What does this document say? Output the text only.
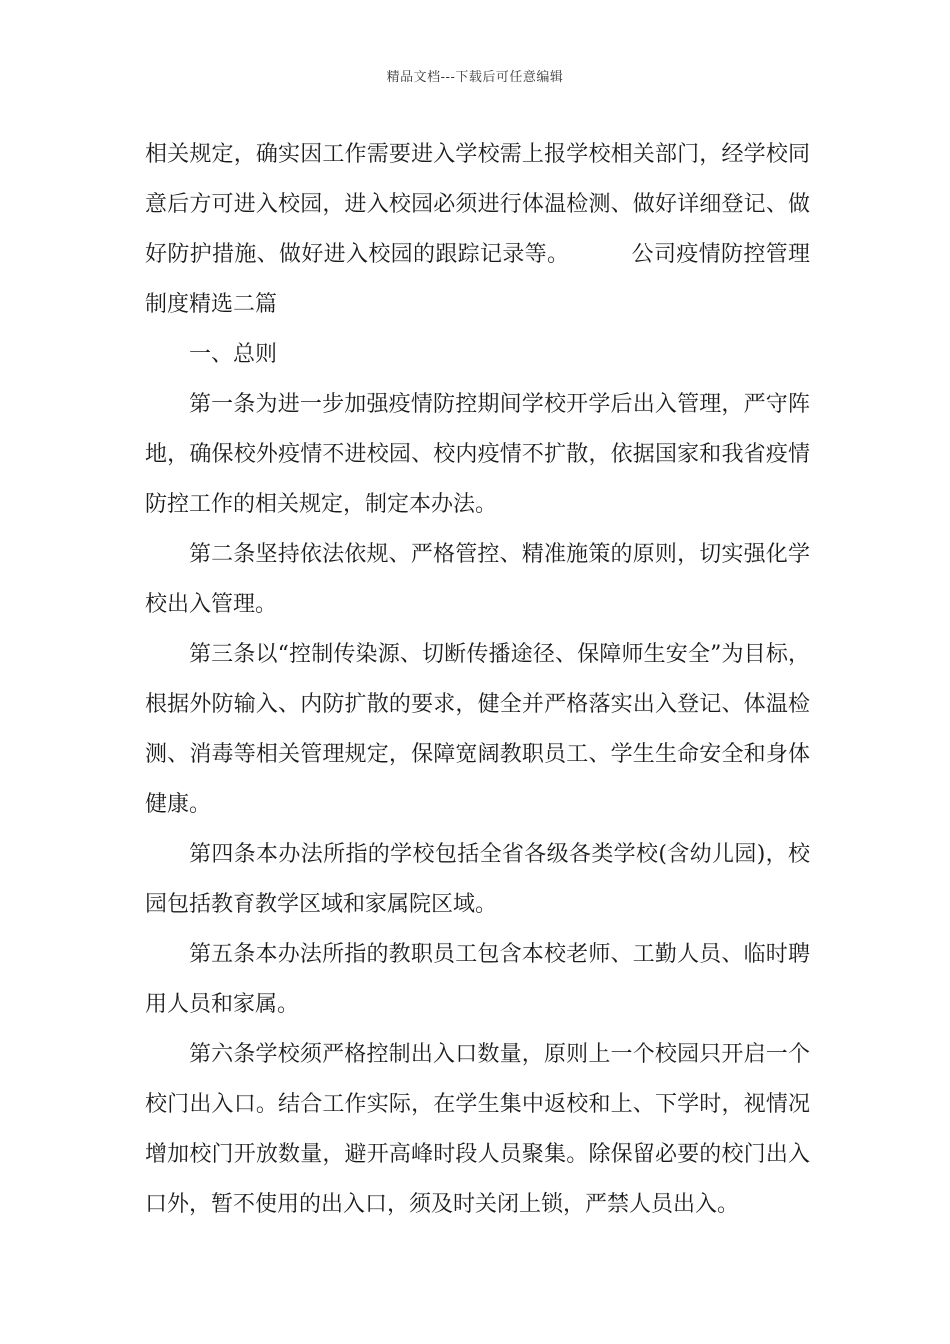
精品文档---下载后可任意编辑

相关规定，确实因工作需要进入学校需上报学校相关部门，经学校同意后方可进入校园，进入校园必须进行体温检测、做好详细登记、做好防护措施、做好进入校园的跟踪记录等。	公司疫情防控管理制度精选二篇

一、总则

第一条为进一步加强疫情防控期间学校开学后出入管理，严守阵地，确保校外疫情不进校园、校内疫情不扩散，依据国家和我省疫情防控工作的相关规定，制定本办法。

第二条坚持依法依规、严格管控、精准施策的原则，切实强化学校出入管理。

第三条以“控制传染源、切断传播途径、保障师生安全”为目标，根据外防输入、内防扩散的要求，健全并严格落实出入登记、体温检测、消毒等相关管理规定，保障宽阔教职员工、学生生命安全和身体健康。

第四条本办法所指的学校包括全省各级各类学校(含幼儿园)，校园包括教育教学区域和家属院区域。

第五条本办法所指的教职员工包含本校老师、工勤人员、临时聘用人员和家属。

第六条学校须严格控制出入口数量，原则上一个校园只开启一个校门出入口。结合工作实际，在学生集中返校和上、下学时，视情况增加校门开放数量，避开高峰时段人员聚集。除保留必要的校门出入口外，暂不使用的出入口，须及时关闭上锁，严禁人员出入。
